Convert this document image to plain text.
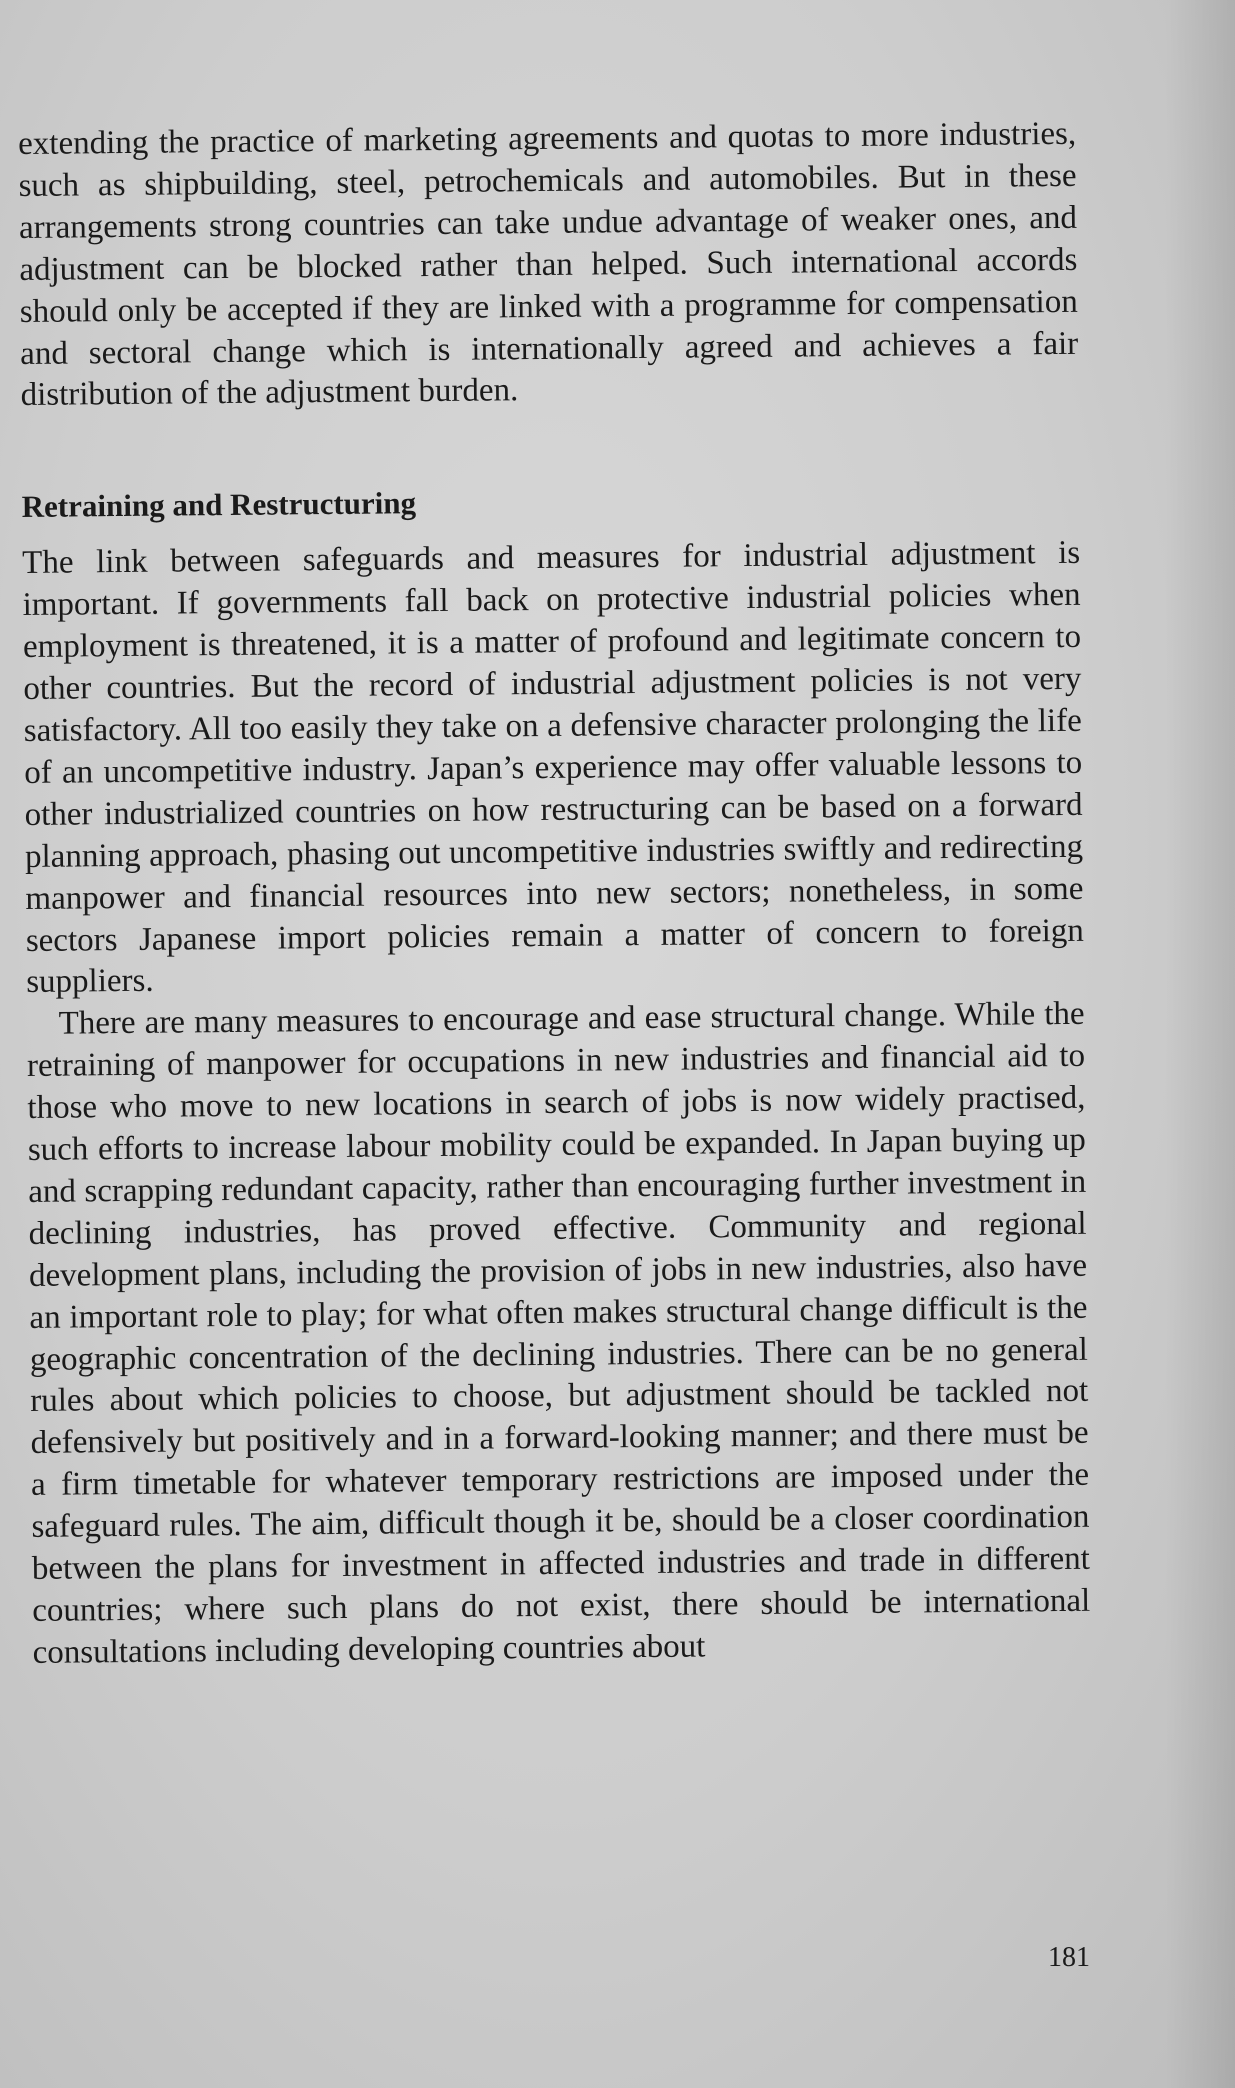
extending the practice of marketing agreements and quotas to more industries, such as shipbuilding, steel, petrochemicals and automobiles. But in these arrangements strong countries can take undue advantage of weaker ones, and adjustment can be blocked rather than helped. Such international accords should only be accepted if they are linked with a programme for compensation and sectoral change which is internationally agreed and achieves a fair distribution of the adjustment burden.

Retraining and Restructuring

The link between safeguards and measures for industrial adjustment is important. If governments fall back on protective industrial policies when employment is threatened, it is a matter of profound and legitimate concern to other countries. But the record of industrial adjustment policies is not very satisfactory. All too easily they take on a defensive character prolonging the life of an uncompetitive industry. Japan’s experience may offer valuable lessons to other industrialized countries on how restructuring can be based on a forward planning approach, phasing out uncompetitive industries swiftly and redirecting manpower and financial resources into new sectors; nonetheless, in some sectors Japanese import policies remain a matter of concern to foreign suppliers.

There are many measures to encourage and ease structural change. While the retraining of manpower for occupations in new industries and financial aid to those who move to new locations in search of jobs is now widely practised, such efforts to increase labour mobility could be expanded. In Japan buying up and scrapping redundant capacity, rather than encouraging further investment in declining industries, has proved effective. Community and regional development plans, including the provision of jobs in new industries, also have an important role to play; for what often makes structural change difficult is the geographic concentration of the declining industries. There can be no general rules about which policies to choose, but adjustment should be tackled not defensively but positively and in a forward-looking manner; and there must be a firm timetable for whatever temporary restrictions are imposed under the safeguard rules. The aim, difficult though it be, should be a closer coordination between the plans for investment in affected industries and trade in different countries; where such plans do not exist, there should be international consultations including developing countries about

181
